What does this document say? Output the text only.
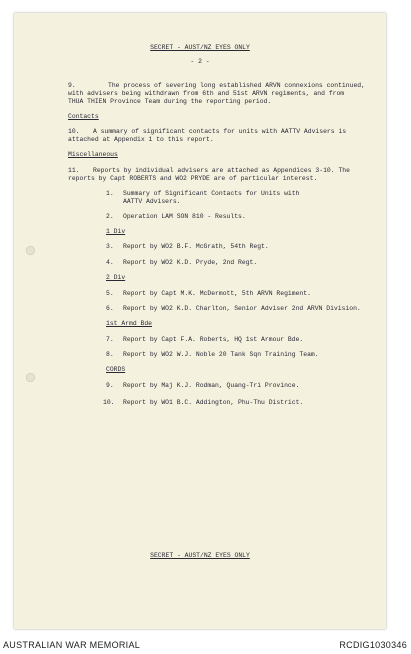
SECRET - AUST/NZ EYES ONLY
- 2 -
9.	The process of severing long established ARVN connexions continued,
with advisers being withdrawn from 6th and 51st ARVN regiments, and from
THUA THIEN Province Team during the reporting period.
Contacts
10. A summary of significant contacts for units with AATTV Advisers is
attached at Appendix 1 to this report.
Miscellaneous
11. Reports by individual advisers are attached as Appendices 3-10. The
reports by Capt ROBERTS and WO2 PRYDE are of particular interest.
1. Summary of Significant Contacts for Units with
AATTV Advisers.
2. Operation LAM SON 810 - Results.
1 Div
3. Report by WO2 B.F. McGrath, 54th Regt.
4. Report by WO2 K.D. Pryde, 2nd Regt.
2 Div
5. Report by Capt M.K. McDermott, 5th ARVN Regiment.
6. Report by WO2 K.D. Charlton, Senior Adviser 2nd ARVN Division.
1st Armd Bde
7. Report by Capt F.A. Roberts, HQ 1st Armour Bde.
8. Report by WO2 W.J. Noble 20 Tank Sqn Training Team.
CORDS
9. Report by Maj K.J. Rodman, Quang-Tri Province.
10. Report by WO1 B.C. Addington, Phu-Thu District.
SECRET - AUST/NZ EYES ONLY
AUSTRALIAN WAR MEMORIAL	RCDIG1030346
